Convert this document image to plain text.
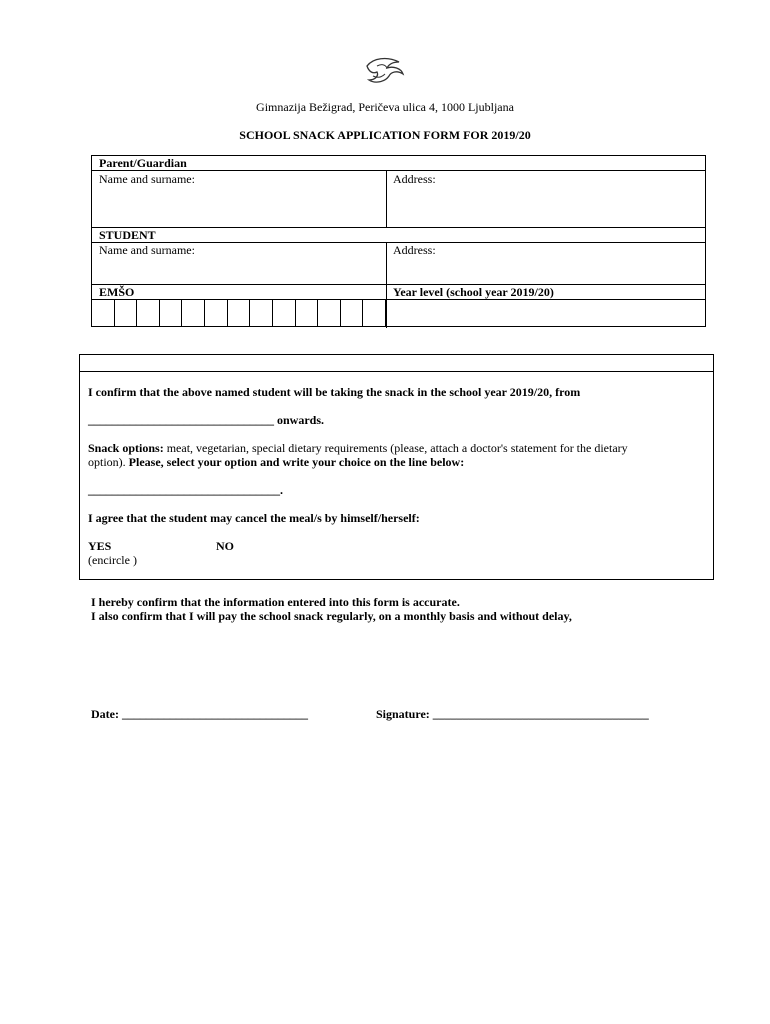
Gimnazija Bežigrad, Peričeva ulica 4, 1000 Ljubljana
SCHOOL SNACK APPLICATION FORM FOR 2019/20
Parent/Guardian
Name and surname:	Address:
STUDENT
Name and surname:	Address:
EMŠO	Year level (school year 2019/20)
I confirm that the above named student will be taking the snack in the school year 2019/20, from
_______________________________ onwards.
Snack options: meat, vegetarian, special dietary requirements (please, attach a doctor's statement for the dietary
option). Please, select your option and write your choice on the line below:
________________________________.
I agree that the student may cancel the meal/s by himself/herself:
YES	NO
(encircle )
I hereby confirm that the information entered into this form is accurate.
I also confirm that I will pay the school snack regularly, on a monthly basis and without delay,
Date: _______________________________	Signature: ____________________________________
